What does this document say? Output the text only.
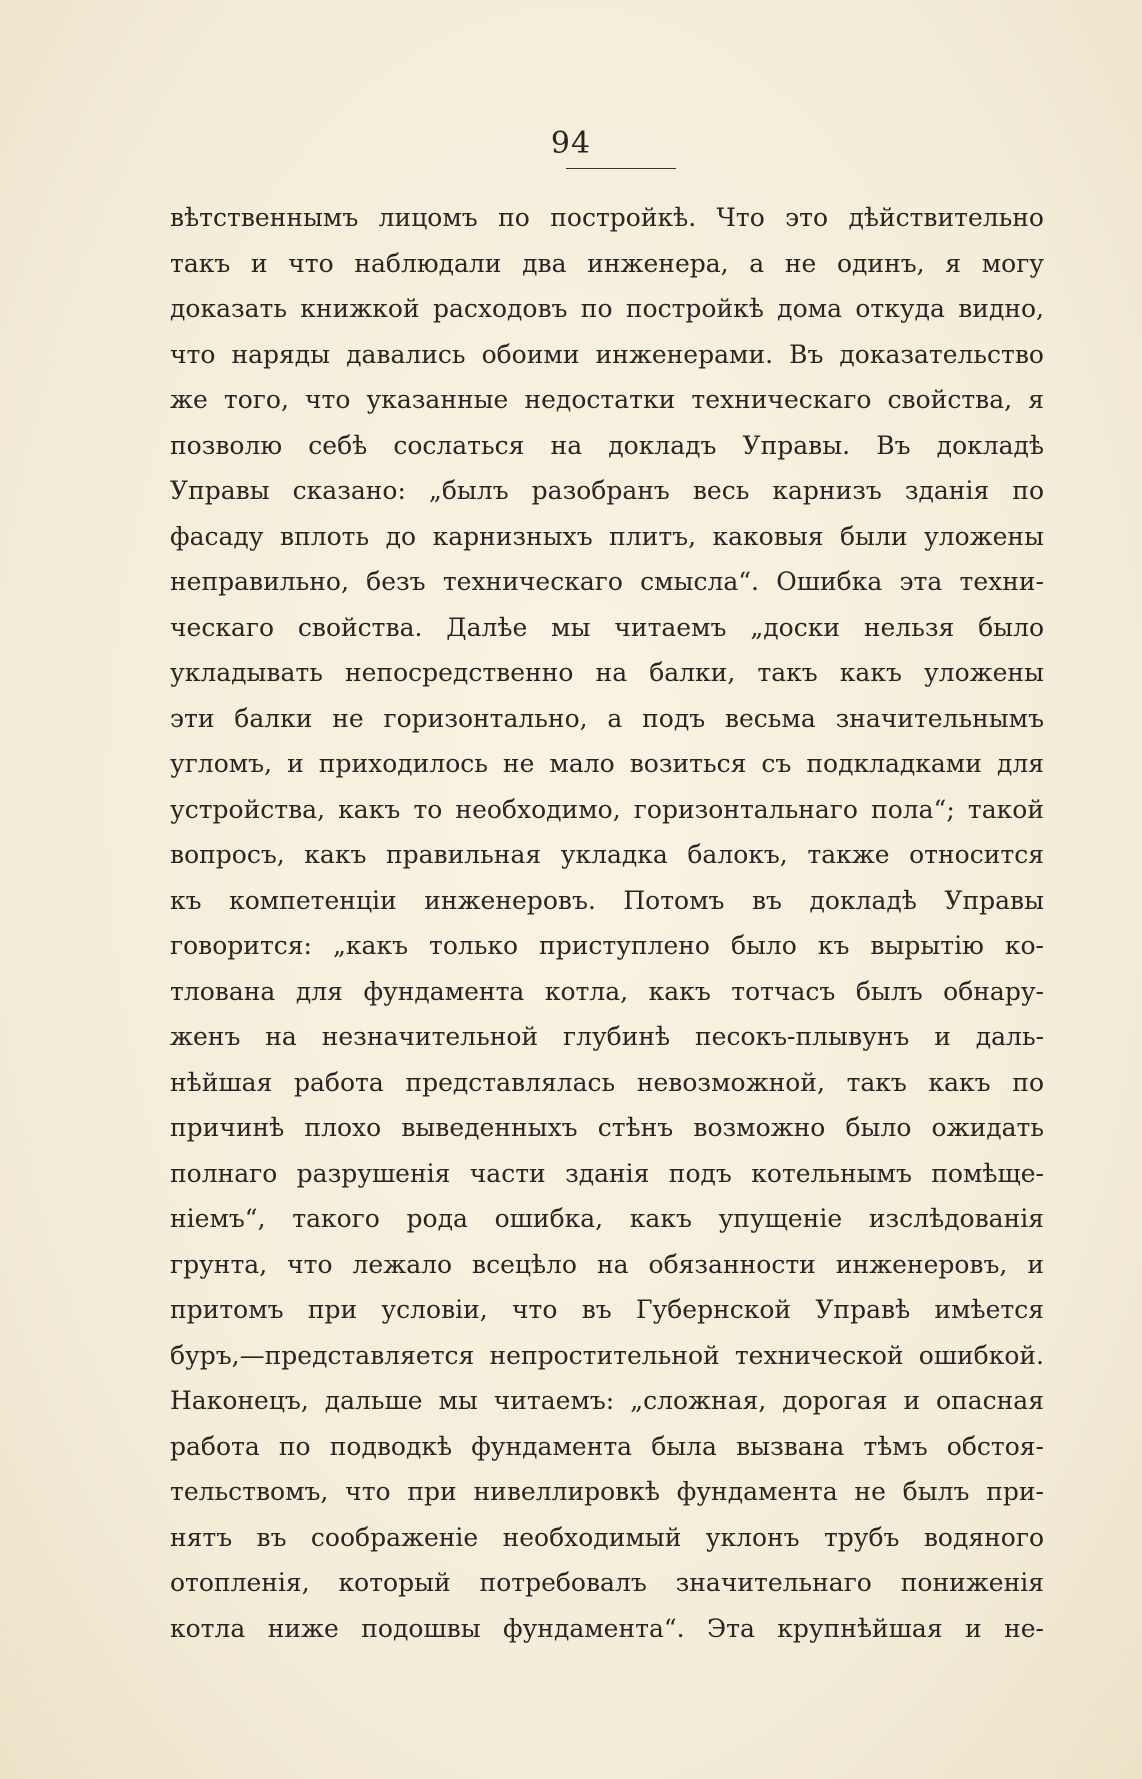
94
вѣтственнымъ лицомъ по постройкѣ. Что это дѣйствительно
такъ и что наблюдали два инженера, а не одинъ, я могу
доказать книжкой расходовъ по постройкѣ дома откуда видно,
что наряды давались обоими инженерами. Въ доказательство
же того, что указанные недостатки техническаго свойства, я
позволю себѣ сослаться на докладъ Управы. Въ докладѣ
Управы сказано: „былъ разобранъ весь карнизъ зданія по
фасаду вплоть до карнизныхъ плитъ, каковыя были уложены
неправильно, безъ техническаго смысла“. Ошибка эта техни-
ческаго свойства. Далѣе мы читаемъ „доски нельзя было
укладывать непосредственно на балки, такъ какъ уложены
эти балки не горизонтально, а подъ весьма значительнымъ
угломъ, и приходилось не мало возиться съ подкладками для
устройства, какъ то необходимо, горизонтальнаго пола“; такой
вопросъ, какъ правильная укладка балокъ, также относится
къ компетенціи инженеровъ. Потомъ въ докладѣ Управы
говорится: „какъ только приступлено было къ вырытію ко-
тлована для фундамента котла, какъ тотчасъ былъ обнару-
женъ на незначительной глубинѣ песокъ-плывунъ и даль-
нѣйшая работа представлялась невозможной, такъ какъ по
причинѣ плохо выведенныхъ стѣнъ возможно было ожидать
полнаго разрушенія части зданія подъ котельнымъ помѣще-
ніемъ“, такого рода ошибка, какъ упущеніе изслѣдованія
грунта, что лежало всецѣло на обязанности инженеровъ, и
притомъ при условіи, что въ Губернской Управѣ имѣется
буръ,—представляется непростительной технической ошибкой.
Наконецъ, дальше мы читаемъ: „сложная, дорогая и опасная
работа по подводкѣ фундамента была вызвана тѣмъ обстоя-
тельствомъ, что при нивеллировкѣ фундамента не былъ при-
нятъ въ соображеніе необходимый уклонъ трубъ водяного
отопленія, который потребовалъ значительнаго пониженія
котла ниже подошвы фундамента“. Эта крупнѣйшая и не-
